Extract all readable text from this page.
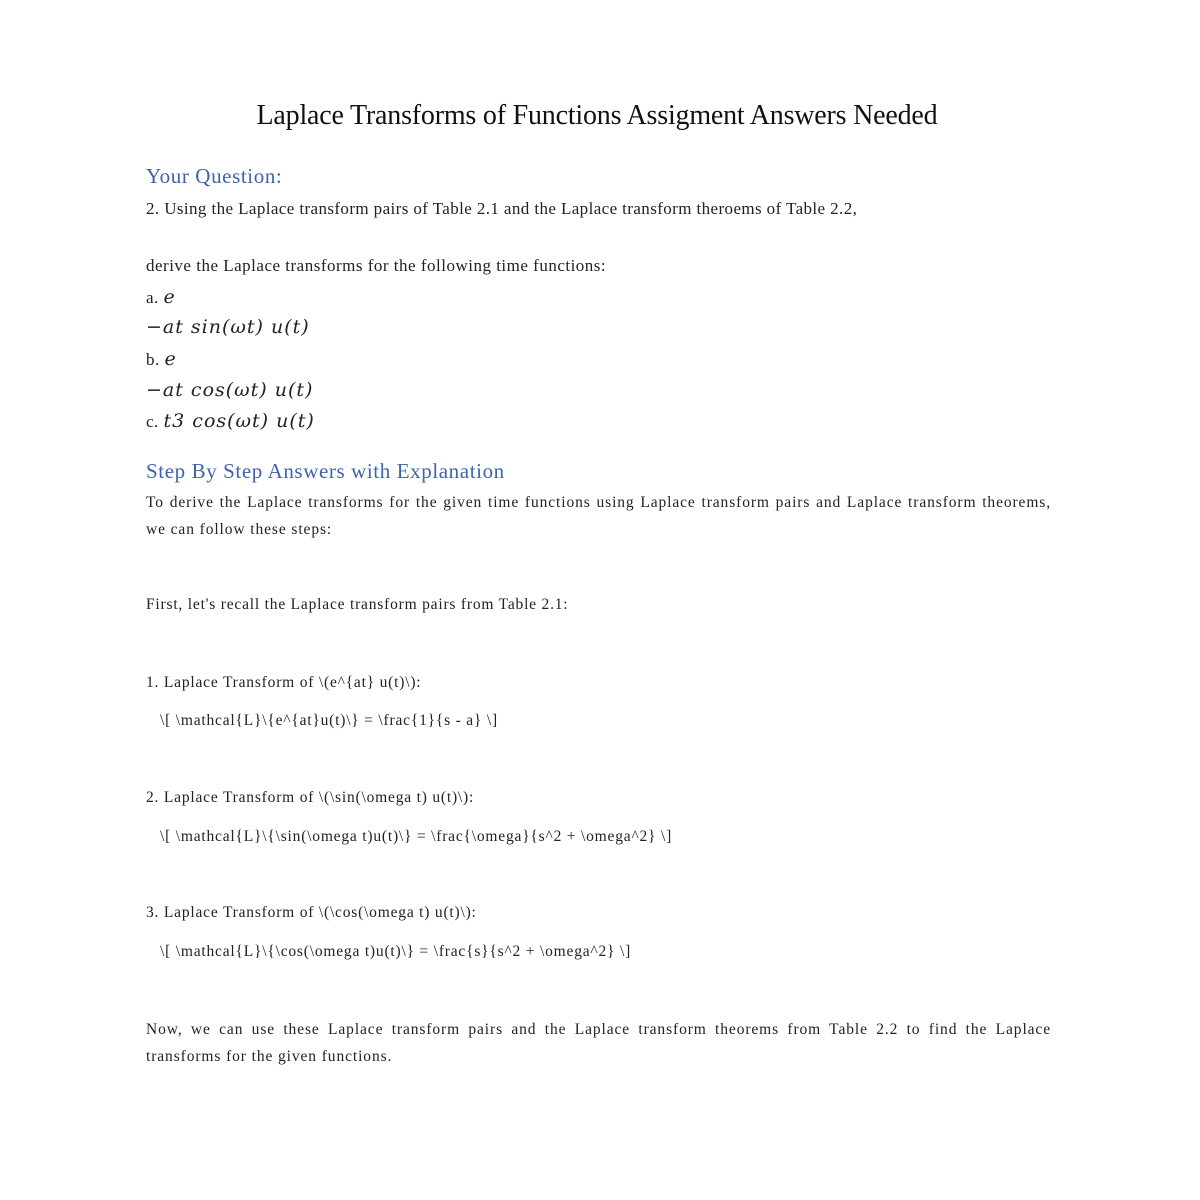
Laplace Transforms of Functions Assigment Answers Needed
Your Question:
2. Using the Laplace transform pairs of Table 2.1 and the Laplace transform theroems of Table 2.2,
derive the Laplace transforms for the following time functions:
a. e
−at sin(ωt) u(t)
b. e
−at cos(ωt) u(t)
c. t3 cos(ωt) u(t)
Step By Step Answers with Explanation
To derive the Laplace transforms for the given time functions using Laplace transform pairs and Laplace transform theorems, we can follow these steps:
First, let's recall the Laplace transform pairs from Table 2.1:
1. Laplace Transform of \(e^{at} u(t)\):
\[ \mathcal{L}\{e^{at}u(t)\} = \frac{1}{s - a} \]
2. Laplace Transform of \(\sin(\omega t) u(t)\):
\[ \mathcal{L}\{\sin(\omega t)u(t)\} = \frac{\omega}{s^2 + \omega^2} \]
3. Laplace Transform of \(\cos(\omega t) u(t)\):
\[ \mathcal{L}\{\cos(\omega t)u(t)\} = \frac{s}{s^2 + \omega^2} \]
Now, we can use these Laplace transform pairs and the Laplace transform theorems from Table 2.2 to find the Laplace transforms for the given functions.
